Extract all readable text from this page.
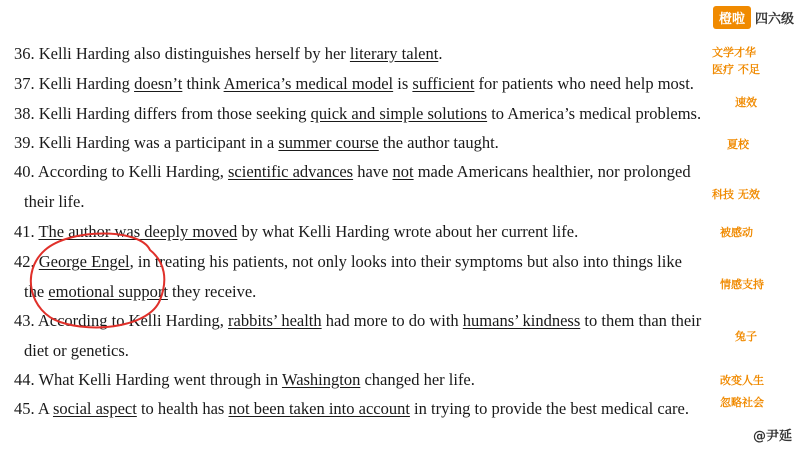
橙啦 四六级
36. Kelli Harding also distinguishes herself by her literary talent.
37. Kelli Harding doesn’t think America’s medical model is sufficient for patients who need help most.
38. Kelli Harding differs from those seeking quick and simple solutions to America’s medical problems.
39. Kelli Harding was a participant in a summer course the author taught.
40. According to Kelli Harding, scientific advances have not made Americans healthier, nor prolonged
their life.
41. The author was deeply moved by what Kelli Harding wrote about her current life.
42. George Engel, in treating his patients, not only looks into their symptoms but also into things like
the emotional support they receive.
43. According to Kelli Harding, rabbits’ health had more to do with humans’ kindness to them than their
diet or genetics.
44. What Kelli Harding went through in Washington changed her life.
45. A social aspect to health has not been taken into account in trying to provide the best medical care.
文学才华
医疗 不足
速效
夏校
科技 无效
被感动
情感支持
兔子
改变人生
忽略社会
@尹延
